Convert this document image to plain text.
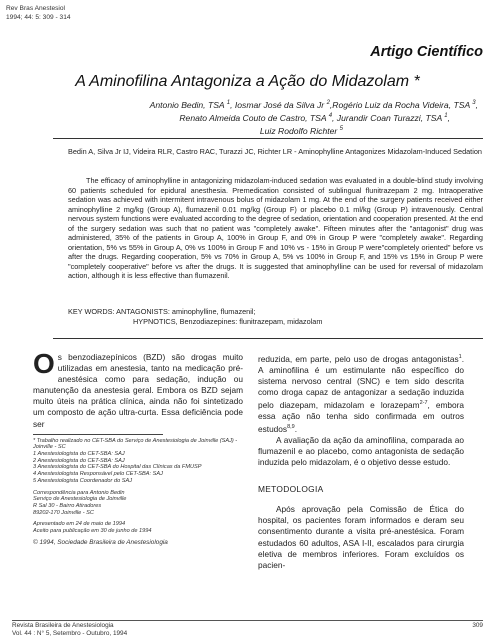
Rev Bras Anestesiol
1994; 44: 5: 309 - 314
Artigo Científico
A Aminofilina Antagoniza a Ação do Midazolam *
Antonio Bedin, TSA $^1$, Iosmar José da Silva Jr $^2$,Rogério Luiz da Rocha Videira, TSA $^3$,
Renato Almeida Couto de Castro, TSA $^4$, Jurandir Coan Turazzi, TSA $^1$,
Luiz Rodolfo Richter $^5$
Bedin A, Silva Jr IJ, Videira RLR, Castro RAC, Turazzi JC, Richter LR - Aminophylline Antagonizes Midazolam-Induced Sedation

The efficacy of aminophylline in antagonizing midazolam-induced sedation was evaluated in a double-blind study involving 60 patients scheduled for epidural anesthesia. Premedication consisted of sublingual flunitrazepam 2 mg. Intraoperative sedation was achieved with intermitent intravenous bolus of midazolam 1 mg. At the end of the surgery patients received either aminophylline 2 mg/kg (Group A), flumazenil 0.01 mg/kg (Group F) or placebo 0.1 ml/kg (Group P) intravenously. Central nervous system functions were evaluated according to the degree of sedation, orientation and cooperation presented. At the end of the surgery sedation was such that no patient was "completely awake". Fifteen minutes after the "antagonist" drug was administered, 35% of the patients in Group A, 100% in Group F, and 0% in Group P were "completely awake". Regarding orientation, 5% vs 55% in Group A, 0% vs 100% in Group F and 10% vs - 15% in Group P were"completely oriented" before vs after the drugs. Regarding cooperation, 5% vs 70% in Group A, 5% vs 100% in Group F, and 15% vs 15% in Group P were "completely cooperative" before vs after the drugs. It is suggested that aminophylline can be used for reversal of midazolam action, although it is less effective than flumazenil.

KEY WORDS: ANTAGONISTS: aminophylline, flumazenil;
HYPNOTICS, Benzodiazepines: flunitrazepam, midazolam

Os benzodiazepínicos (BZD) são drogas muito utilizadas em anestesia, tanto na medicação pré-anestésica como para sedação, indução ou manutenção da anestesia geral. Embora os BZD sejam muito úteis na prática clínica, ainda não foi sintetizado um composto de ação ultra-curta. Essa deficiência pode ser

* Trabalho realizado no CET-SBA do Serviço de Anestesiologia de Joinville (SAJ) - Joinville - SC
1 Anestesiologista do CET-SBA: SAJ
2 Anestesiologista do CET-SBA: SAJ
3 Anestesiologista do CET-SBA do Hospital das Clínicas da FMUSP
4 Anestesiologista Responsável pelo CET-SBA: SAJ
5 Anestesiologista Coordenador do SAJ
Correspondência para Antonio Bedin
Serviço de Anestesiologia de Joinville
R Sal 30 - Bairro Atiradores
89202-170 Joinville - SC
Apresentado em 24 de maio de 1994
Aceito para publicação em 30 de junho de 1994
© 1994, Sociedade Brasileira de Anestesiologia

reduzida, em parte, pelo uso de drogas antagonistas$^1$. A aminofilina é um estimulante não específico do sistema nervoso central (SNC) e tem sido descrita como droga capaz de antagonizar a sedação induzida pelo diazepam, midazolam e lorazepam$^{2-7}$, embora essa ação não tenha sido confirmada em outros estudos$^{8,9}$.

A avaliação da ação da aminofilina, comparada ao flumazenil e ao placebo, como antagonista de sedação induzida pelo midazolam, é o objetivo desse estudo.

METODOLOGIA

Após aprovação pela Comissão de Ética do hospital, os pacientes foram informados e deram seu consentimento durante a visita pré-anestésica. Foram estudados 60 adultos, ASA I-II, escalados para cirurgia eletiva de membros inferiores. Foram excluídos os pacien-

Revista Brasileira de Anestesiologia
Vol. 44 : N° 5, Setembro - Outubro, 1994
309
